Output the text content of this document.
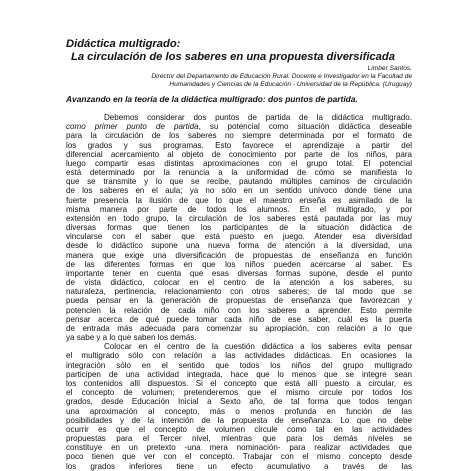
Didáctica multigrado:
La circulación de los saberes en una propuesta diversificada
Limber Santos.
Director del Departamento de Educación Rural. Docente e Investigador en la Facultad de
Humanidades y Ciencias de la Educación - Universidad de la República. (Uruguay)
Avanzando en la teoría de la didáctica multigrado: dos puntos de partida.
Debemos considerar dos puntos de partida de la didáctica multigrado.
como primer punto de partida, su potencial como situación didáctica deseable
para la circulación de los saberes no siempre determinada por el formato de
los grados y sus programas. Esto favorece el aprendizaje a partir del
diferencial acercamiento al objeto de conocimiento por parte de los niños, para
luego compartir esas distintas aproximaciones con el grupo total. El potencial
está determinado por la renuncia a la uniformidad de cómo se manifiesta lo
que se transmite y lo que se recibe, pautando múltiples caminos de circulación
de los saberes en el aula; ya no sólo en un sentido unívoco donde tiene una
fuerte presencia la ilusión de que lo que el maestro enseña es asimilado de la
misma manera por parte de todos los alumnos. En el multigrado, y por
extensión en todo grupo, la circulación de los saberes está pautada por las muy
diversas formas que tienen los participantes de la situación didáctica de
vincularse con el saber que está puesto en juego. Atender esa diversidad
desde lo didáctico supone una nueva forma de atención a la diversidad, una
manera que exige una diversificación de propuestas de enseñanza en función
de las diferentes formas en que los niños pueden acercarse al saber. Es
importante tener en cuenta que esas diversas formas supone, desde el punto
de vista didáctico, colocar en el centro de la atención a los saberes, su
naturaleza, pertinencia, relacionamiento con otros saberes; de tal modo que se
pueda pensar en la generación de propuestas de enseñanza que favorezcan y
potencien la relación de cada niño con los saberes a aprender. Esto permite
pensar acerca de qué puede tomar cada niño de ese saber, cuál es la puerta
de entrada más adecuada para comenzar su apropiación, con relación a lo que
ya sabe y a lo que saben los demás.
Colocar en el centro de la cuestión didáctica a los saberes evita pensar
el multigrado sólo con relación a las actividades didácticas. En ocasiones la
integración sólo en el sentido que todos los niños del grupo multigrado
participen de una actividad integrada, hace que lo menos que se integre sean
los contenidos allí dispuestos. Si el concepto que está allí puesto a circular, es
el concepto de volumen; pretenderemos que el mismo circule por todos los
grados, desde Educación Inicial a Sexto año, de tal forma que todos tengan
una aproximación al concepto, más o menos profunda en función de las
posibilidades y de la intención de la propuesta de enseñanza. Lo que no debe
ocurrir es que el concepto de volumen circule como tal en las actividades
propuestas para el Tercer nivel, mientras que para los demás niveles se
constituye en un pretexto -una mera nominación- para realizar actividades que
poco tienen que ver con el concepto. Trabajar con el mismo concepto desde
los grados inferiores tiene un efecto acumulativo a través de las
